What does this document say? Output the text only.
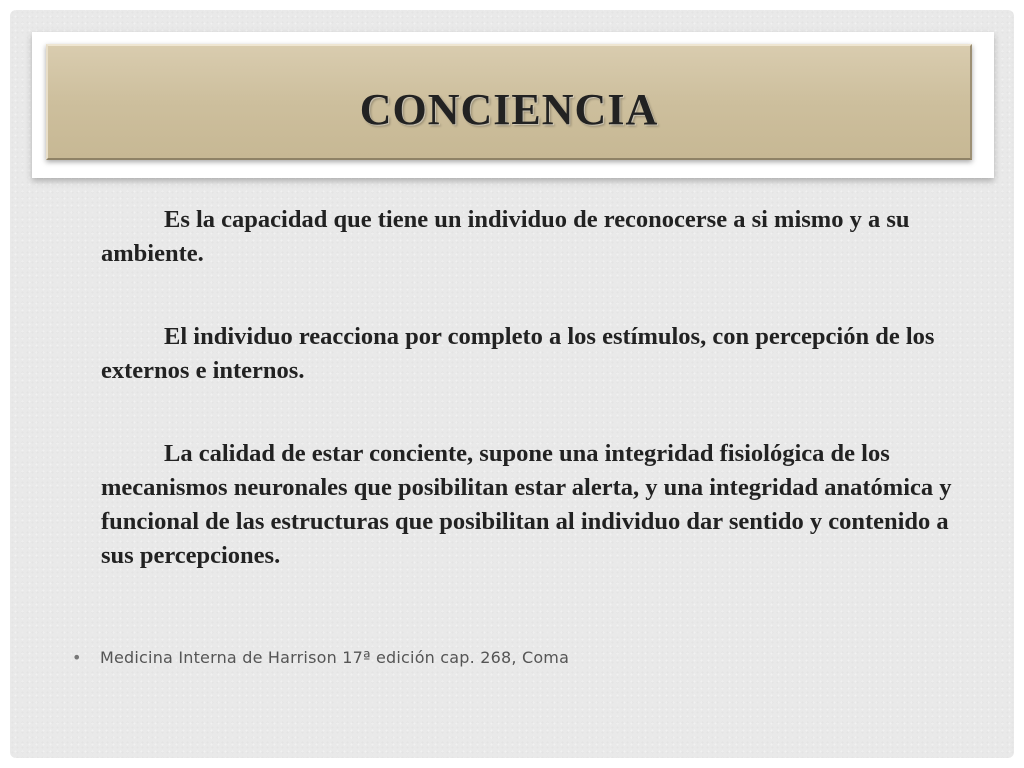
CONCIENCIA

Es la capacidad que tiene un individuo de reconocerse a si mismo y a su ambiente.

El individuo reacciona por completo a los estímulos, con percepción de los externos e internos.

La calidad de estar conciente, supone una integridad fisiológica de los mecanismos neuronales que posibilitan estar alerta, y una integridad anatómica y funcional de las estructuras que posibilitan al individuo dar sentido y contenido a sus percepciones.

• Medicina Interna de Harrison 17ª edición cap. 268, Coma
